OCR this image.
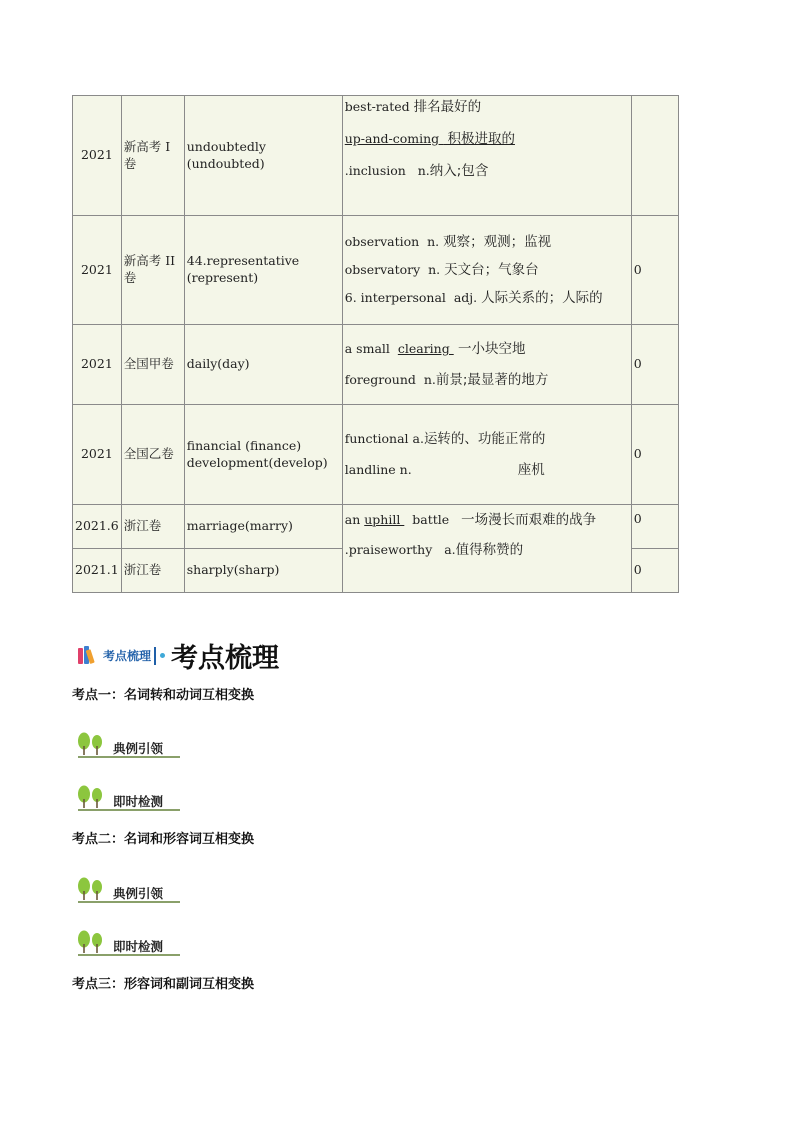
2021	新高考 I 卷	undoubtedly (undoubted)	best-rated 排名最好的
up-and-coming  积极进取的
.inclusion   n.纳入;包含	

2021	新高考 II 卷	44.representative (represent)	observation  n. 观察；观测；监视
observatory  n. 天文台；气象台
6. interpersonal  adj. 人际关系的；人际的	0
2021	全国甲卷	daily(day)	a small  clearing  一小块空地
foreground  n.前景;最显著的地方	0
2021	全国乙卷	financial (finance) development(develop)	functional a.运转的、功能正常的
landline n. 座机	0
2021.6	浙江卷	marriage(marry)	an uphill   battle   一场漫长而艰难的战争
.praiseworthy   a.值得称赞的	0
2021.1	浙江卷	sharply(sharp)		0
考点梳理 考点梳理
考点一：名词转和动词互相变换
典例引领
即时检测
考点二：名词和形容词互相变换
典例引领
即时检测
考点三：形容词和副词互相变换
